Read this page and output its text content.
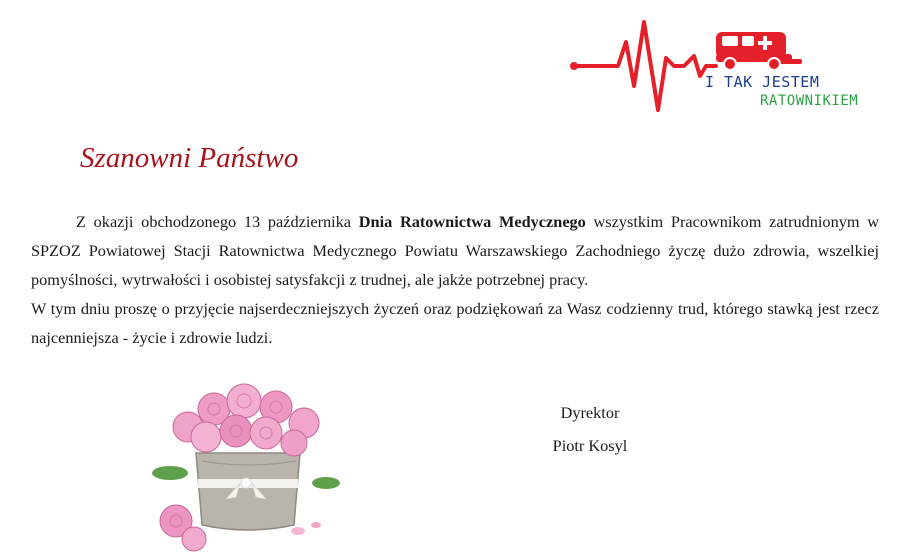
I TAK JESTEM
RATOWNIKIEM
Szanowni Państwo

Z okazji obchodzonego 13 października Dnia Ratownictwa Medycznego wszystkim Pracownikom zatrudnionym w SPZOZ Powiatowej Stacji Ratownictwa Medycznego Powiatu Warszawskiego Zachodniego życzę dużo zdrowia, wszelkiej pomyślności, wytrwałości i osobistej satysfakcji z trudnej, ale jakże potrzebnej pracy.

W tym dniu proszę o przyjęcie najserdeczniejszych życzeń oraz podziękowań za Wasz codzienny trud, którego stawką jest rzecz najcenniejsza - życie i zdrowie ludzi.

Dyrektor
Piotr Kosyl
